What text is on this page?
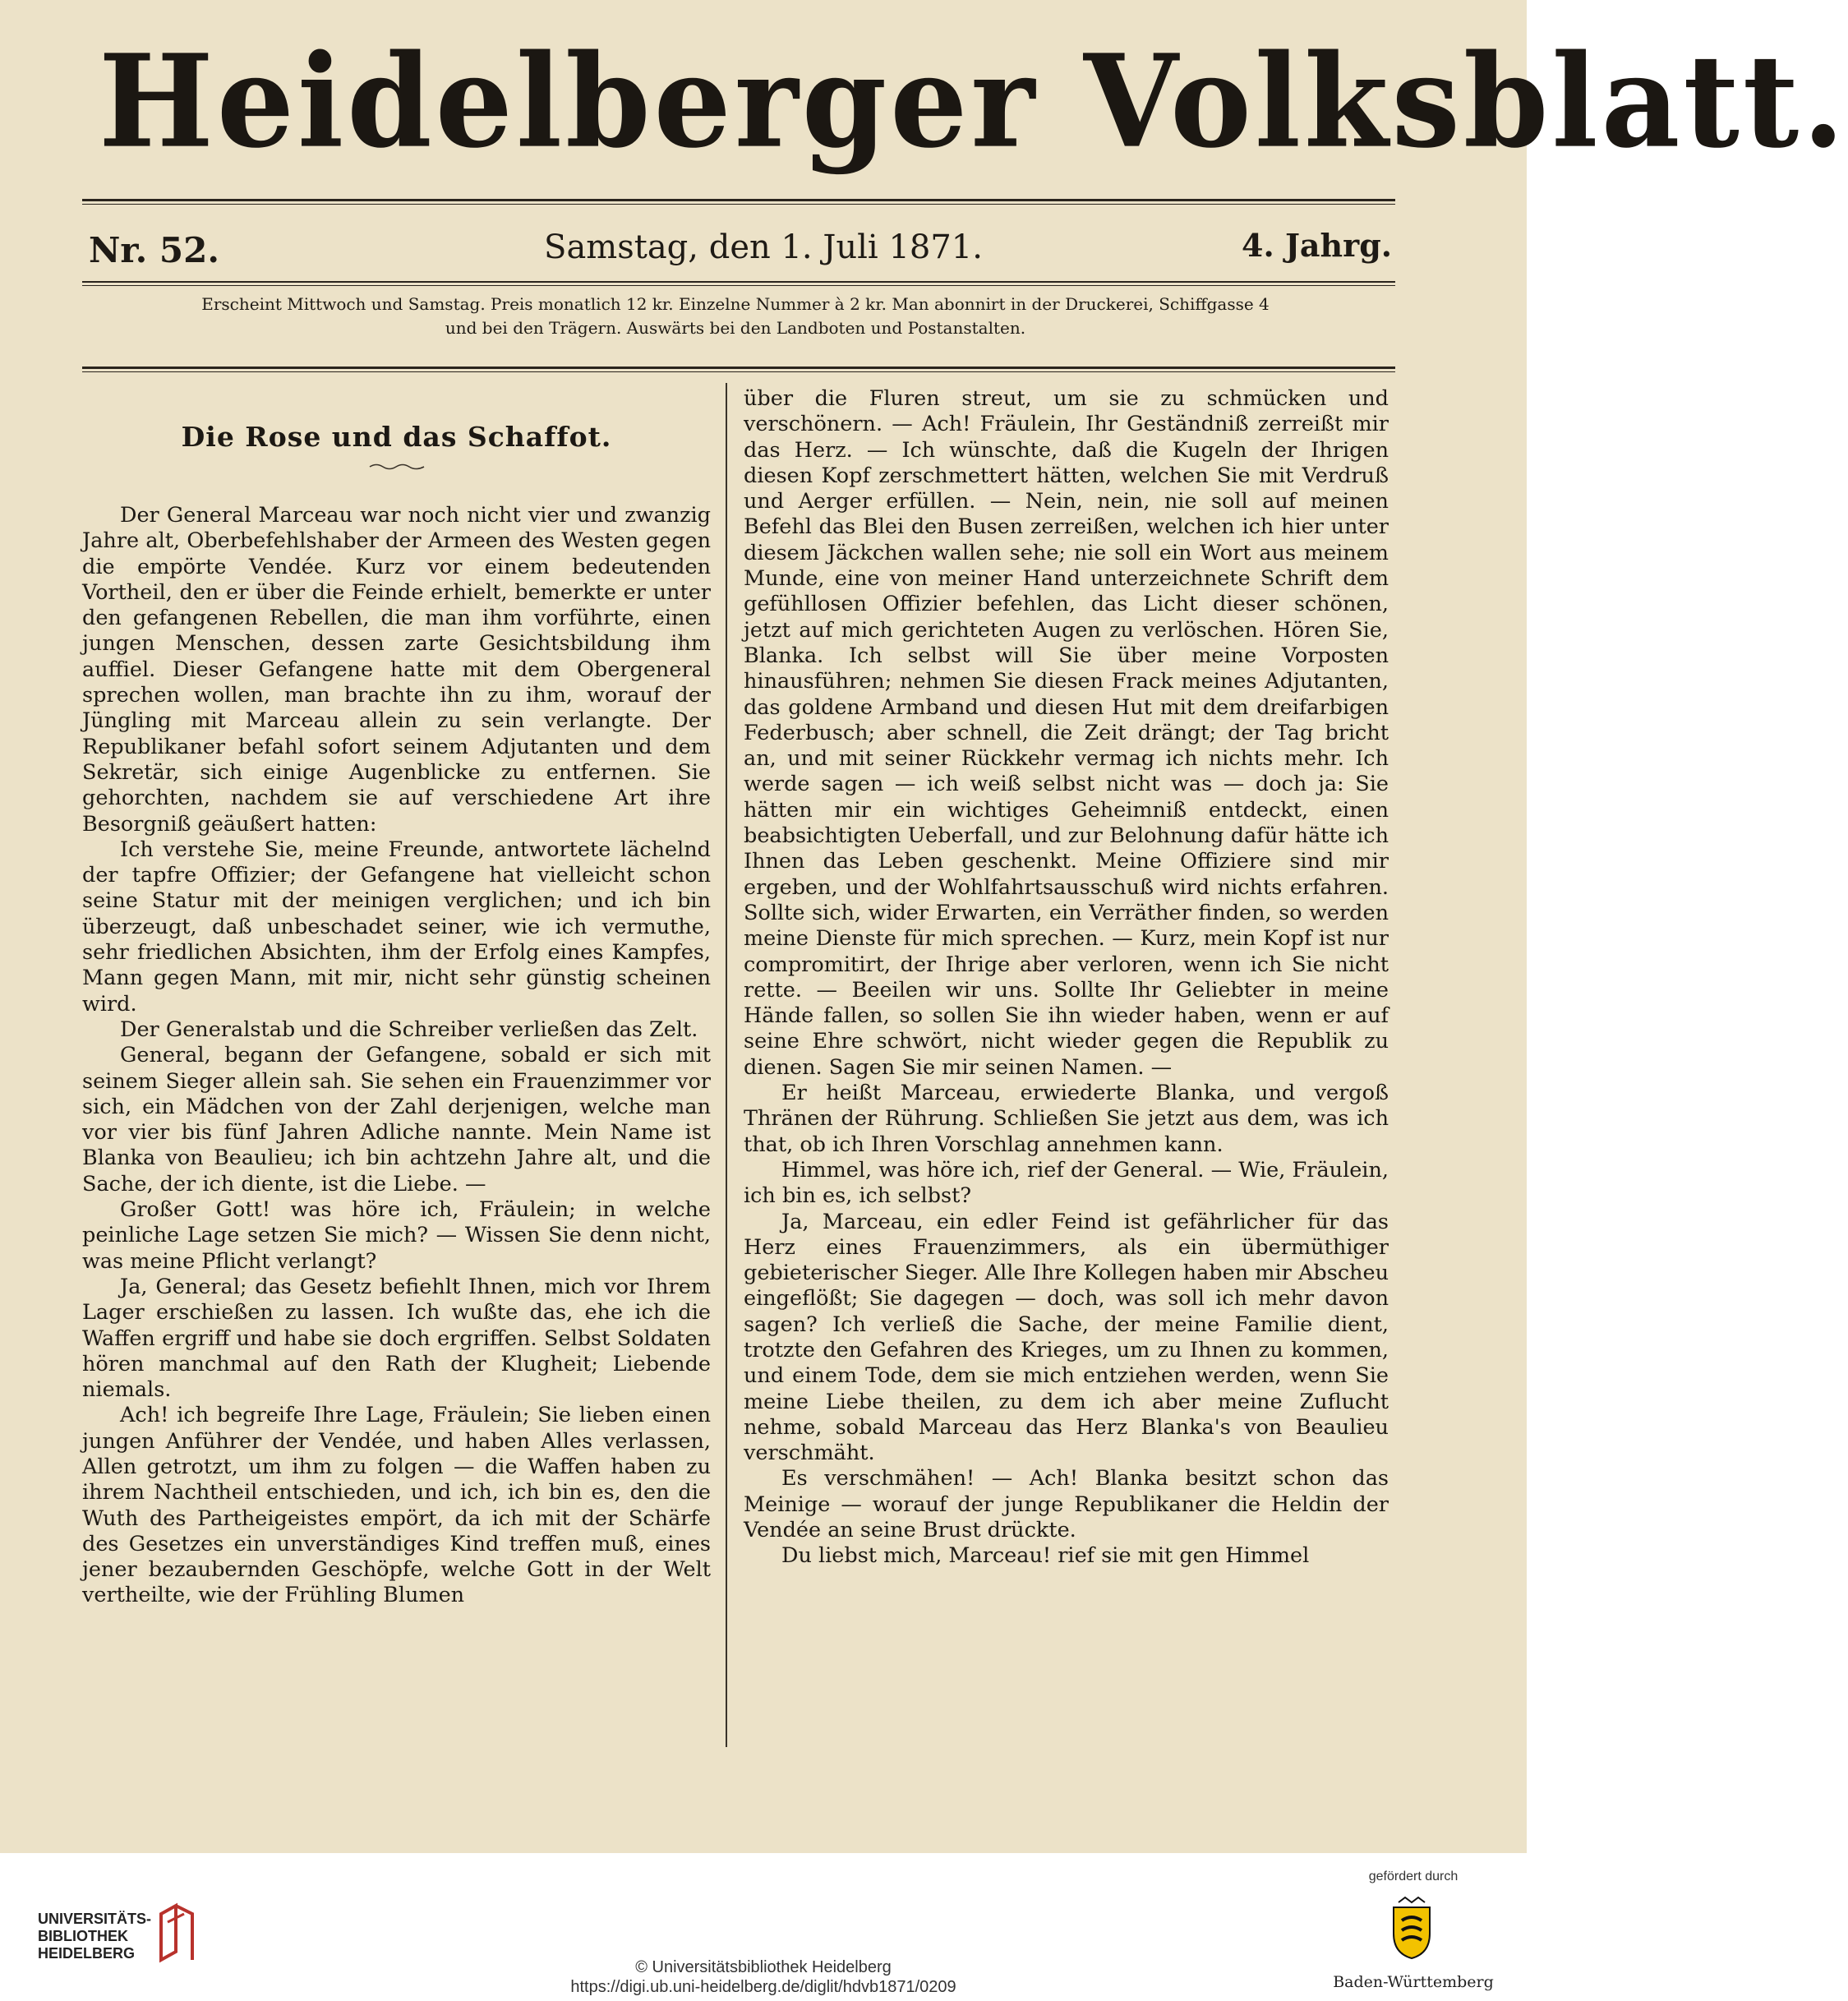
Heidelberger Volksblatt.
Nr. 52.	Samstag, den 1. Juli 1871.	4. Jahrg.
Erscheint Mittwoch und Samstag. Preis monatlich 12 kr. Einzelne Nummer à 2 kr. Man abonnirt in der Druckerei, Schiffgasse 4
und bei den Trägern. Auswärts bei den Landboten und Postanstalten.
Die Rose und das Schaffot.

Der General Marceau war noch nicht vier und zwanzig Jahre alt, Oberbefehlshaber der Armeen des Westen gegen die empörte Vendée. Kurz vor einem bedeutenden Vortheil, den er über die Feinde erhielt, bemerkte er unter den gefangenen Rebellen, die man ihm vorführte, einen jungen Menschen, dessen zarte Gesichtsbildung ihm auffiel. Dieser Gefangene hatte mit dem Obergeneral sprechen wollen, man brachte ihn zu ihm, worauf der Jüngling mit Marceau allein zu sein verlangte. Der Republikaner befahl sofort seinem Adjutanten und dem Sekretär, sich einige Augenblicke zu entfernen. Sie gehorchten, nachdem sie auf verschiedene Art ihre Besorgniß geäußert hatten:

Ich verstehe Sie, meine Freunde, antwortete lächelnd der tapfre Offizier; der Gefangene hat vielleicht schon seine Statur mit der meinigen verglichen; und ich bin überzeugt, daß unbeschadet seiner, wie ich vermuthe, sehr friedlichen Absichten, ihm der Erfolg eines Kampfes, Mann gegen Mann, mit mir, nicht sehr günstig scheinen wird.

Der Generalstab und die Schreiber verließen das Zelt.

General, begann der Gefangene, sobald er sich mit seinem Sieger allein sah. Sie sehen ein Frauenzimmer vor sich, ein Mädchen von der Zahl derjenigen, welche man vor vier bis fünf Jahren Adliche nannte. Mein Name ist Blanka von Beaulieu; ich bin achtzehn Jahre alt, und die Sache, der ich diente, ist die Liebe. —

Großer Gott! was höre ich, Fräulein; in welche peinliche Lage setzen Sie mich? — Wissen Sie denn nicht, was meine Pflicht verlangt?

Ja, General; das Gesetz befiehlt Ihnen, mich vor Ihrem Lager erschießen zu lassen. Ich wußte das, ehe ich die Waffen ergriff und habe sie doch ergriffen. Selbst Soldaten hören manchmal auf den Rath der Klugheit; Liebende niemals.

Ach! ich begreife Ihre Lage, Fräulein; Sie lieben einen jungen Anführer der Vendée, und haben Alles verlassen, Allen getrotzt, um ihm zu folgen — die Waffen haben zu ihrem Nachtheil entschieden, und ich, ich bin es, den die Wuth des Partheigeistes empört, da ich mit der Schärfe des Gesetzes ein unverständiges Kind treffen muß, eines jener bezaubernden Geschöpfe, welche Gott in der Welt vertheilte, wie der Frühling Blumen

über die Fluren streut, um sie zu schmücken und verschönern. — Ach! Fräulein, Ihr Geständniß zerreißt mir das Herz. — Ich wünschte, daß die Kugeln der Ihrigen diesen Kopf zerschmettert hätten, welchen Sie mit Verdruß und Aerger erfüllen. — Nein, nein, nie soll auf meinen Befehl das Blei den Busen zerreißen, welchen ich hier unter diesem Jäckchen wallen sehe; nie soll ein Wort aus meinem Munde, eine von meiner Hand unterzeichnete Schrift dem gefühllosen Offizier befehlen, das Licht dieser schönen, jetzt auf mich gerichteten Augen zu verlöschen. Hören Sie, Blanka. Ich selbst will Sie über meine Vorposten hinausführen; nehmen Sie diesen Frack meines Adjutanten, das goldene Armband und diesen Hut mit dem dreifarbigen Federbusch; aber schnell, die Zeit drängt; der Tag bricht an, und mit seiner Rückkehr vermag ich nichts mehr. Ich werde sagen — ich weiß selbst nicht was — doch ja: Sie hätten mir ein wichtiges Geheimniß entdeckt, einen beabsichtigten Ueberfall, und zur Belohnung dafür hätte ich Ihnen das Leben geschenkt. Meine Offiziere sind mir ergeben, und der Wohlfahrtsausschuß wird nichts erfahren. Sollte sich, wider Erwarten, ein Verräther finden, so werden meine Dienste für mich sprechen. — Kurz, mein Kopf ist nur compromitirt, der Ihrige aber verloren, wenn ich Sie nicht rette. — Beeilen wir uns. Sollte Ihr Geliebter in meine Hände fallen, so sollen Sie ihn wieder haben, wenn er auf seine Ehre schwört, nicht wieder gegen die Republik zu dienen. Sagen Sie mir seinen Namen. —

Er heißt Marceau, erwiederte Blanka, und vergoß Thränen der Rührung. Schließen Sie jetzt aus dem, was ich that, ob ich Ihren Vorschlag annehmen kann.

Himmel, was höre ich, rief der General. — Wie, Fräulein, ich bin es, ich selbst?

Ja, Marceau, ein edler Feind ist gefährlicher für das Herz eines Frauenzimmers, als ein übermüthiger gebieterischer Sieger. Alle Ihre Kollegen haben mir Abscheu eingeflößt; Sie dagegen — doch, was soll ich mehr davon sagen? Ich verließ die Sache, der meine Familie dient, trotzte den Gefahren des Krieges, um zu Ihnen zu kommen, und einem Tode, dem sie mich entziehen werden, wenn Sie meine Liebe theilen, zu dem ich aber meine Zuflucht nehme, sobald Marceau das Herz Blanka's von Beaulieu verschmäht.

Es verschmähen! — Ach! Blanka besitzt schon das Meinige — worauf der junge Republikaner die Heldin der Vendée an seine Brust drückte.

Du liebst mich, Marceau! rief sie mit gen Himmel

UNIVERSITÄTS-
BIBLIOTHEK
HEIDELBERG
© Universitätsbibliothek Heidelberg
https://digi.ub.uni-heidelberg.de/diglit/hdvb1871/0209
gefördert durch
Baden-Württemberg
